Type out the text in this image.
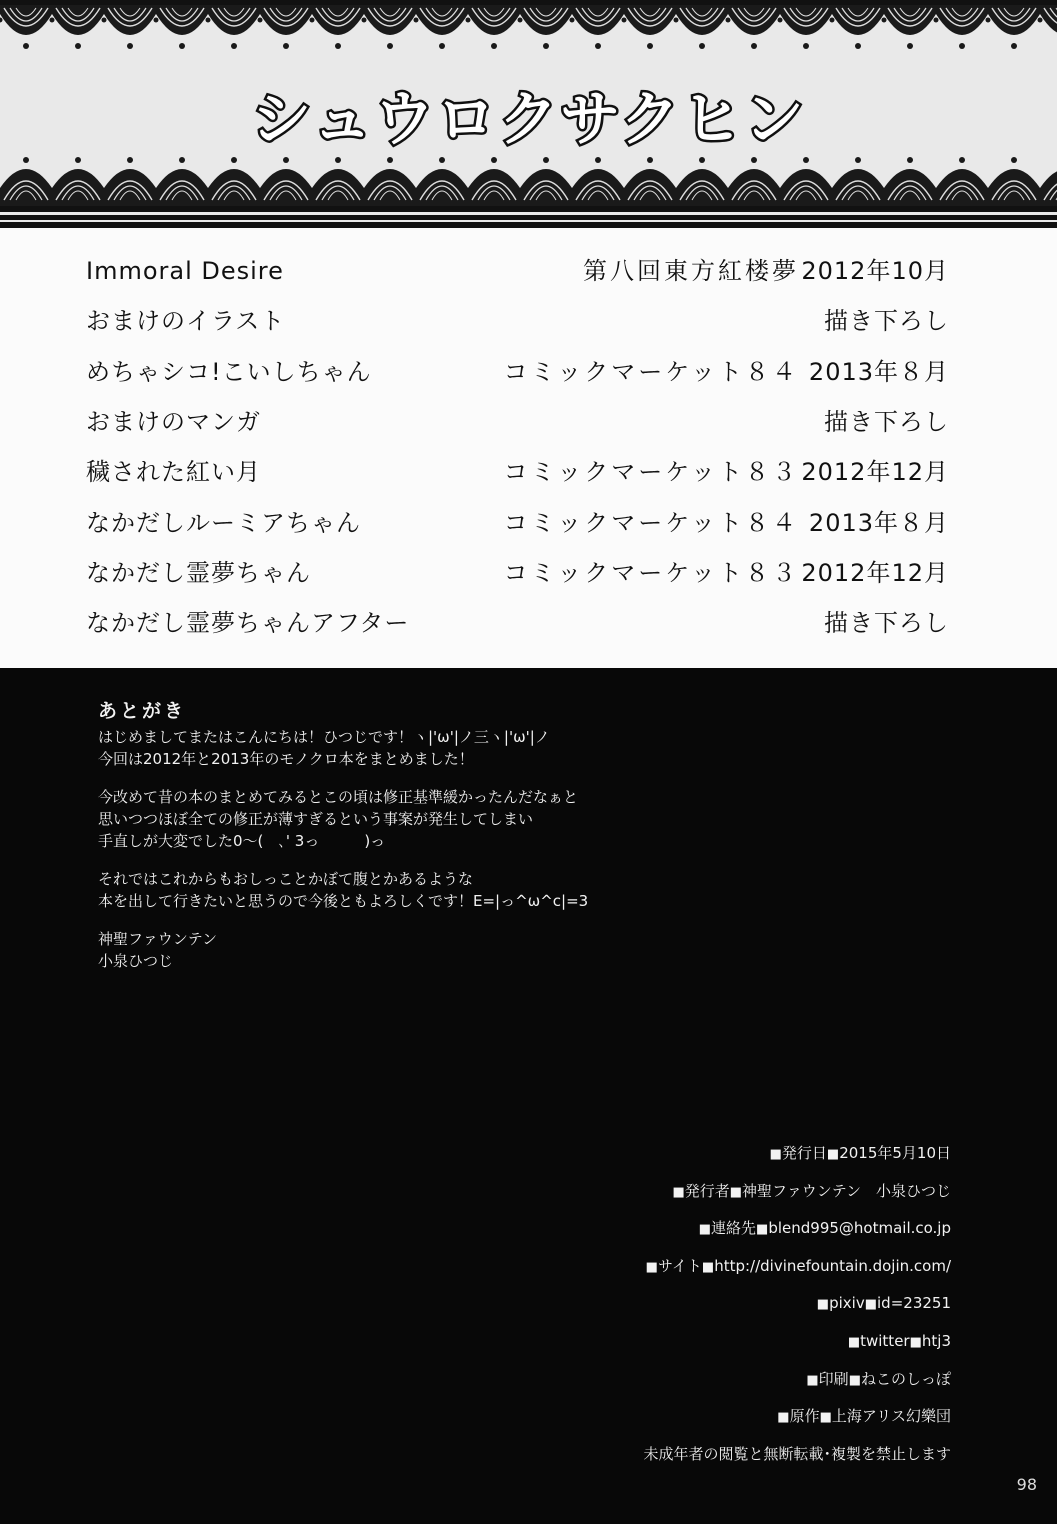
シュウロクサクヒン
Immoral Desire	第八回東方紅楼夢 2012年10月
おまけのイラスト	描き下ろし
めちゃシコ!こいしちゃん	コミックマーケット８４ 2013年８月
おまけのマンガ	描き下ろし
穢された紅い月	コミックマーケット８３ 2012年12月
なかだしルーミアちゃん	コミックマーケット８４ 2013年８月
なかだし霊夢ちゃん	コミックマーケット８３ 2012年12月
なかだし霊夢ちゃんアフター	描き下ろし
あとがき

はじめましてまたはこんにちは！ひつじです！ヽ|'ω'|ノ三ヽ|'ω'|ノ
今回は2012年と2013年のモノクロ本をまとめました！

今改めて昔の本のまとめてみるとこの頃は修正基準緩かったんだなぁと
思いつつほぼ全ての修正が薄すぎるという事案が発生してしまい
手直しが大変でした0～(　､' 3っ　　　)っ

それではこれからもおしっことかぼて腹とかあるような
本を出して行きたいと思うので今後ともよろしくです！Ε=|っ^ω^c|=3

神聖ファウンテン
小泉ひつじ

■発行日■2015年5月10日
■発行者■神聖ファウンテン　小泉ひつじ
■連絡先■blend995@hotmail.co.jp
■サイト■http://divinefountain.dojin.com/
■pixiv■id=23251
■twitter■htj3
■印刷■ねこのしっぽ
■原作■上海アリス幻樂団
未成年者の閲覧と無断転載･複製を禁止します
98
